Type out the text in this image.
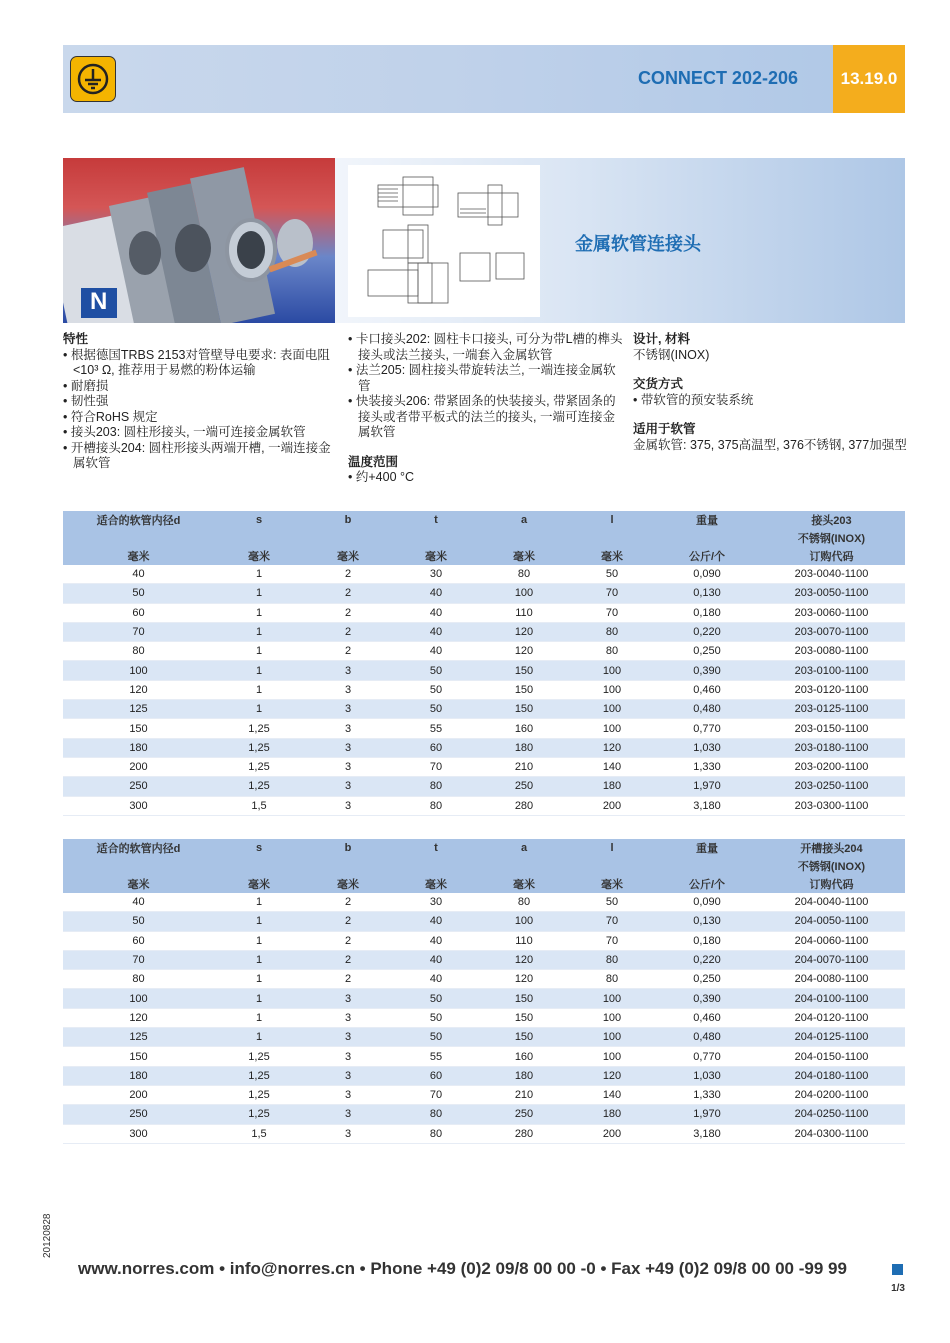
CONNECT 202-206	13.19.0
N
金属软管连接头
特性
• 根据德国TRBS 2153对管壁导电要求: 表面电阻<10³ Ω, 推荐用于易燃的粉体运输
• 耐磨损
• 韧性强
• 符合RoHS 规定
• 接头203: 圆柱形接头, 一端可连接金属软管
• 开槽接头204: 圆柱形接头两端开槽, 一端连接金属软管
• 卡口接头202: 圆柱卡口接头, 可分为带L槽的榫头接头或法兰接头, 一端套入金属软管
• 法兰205: 圆柱接头带旋转法兰, 一端连接金属软管
• 快装接头206: 带紧固条的快装接头, 带紧固条的接头或者带平板式的法兰的接头, 一端可连接金属软管
温度范围
• 约+400 °C
设计, 材料

不锈钢(INOX)

交货方式
• 带软管的预安装系统
适用于软管

金属软管: 375, 375高温型, 376不锈钢, 377加强型

适合的软管内径d	s	b	t	a	l	重量	接头203
							不锈钢(INOX)
毫米	毫米	毫米	毫米	毫米	毫米	公斤/个	订购代码
40	1	2	30	80	50	0,090	203-0040-1100
50	1	2	40	100	70	0,130	203-0050-1100
60	1	2	40	110	70	0,180	203-0060-1100
70	1	2	40	120	80	0,220	203-0070-1100
80	1	2	40	120	80	0,250	203-0080-1100
100	1	3	50	150	100	0,390	203-0100-1100
120	1	3	50	150	100	0,460	203-0120-1100
125	1	3	50	150	100	0,480	203-0125-1100
150	1,25	3	55	160	100	0,770	203-0150-1100
180	1,25	3	60	180	120	1,030	203-0180-1100
200	1,25	3	70	210	140	1,330	203-0200-1100
250	1,25	3	80	250	180	1,970	203-0250-1100
300	1,5	3	80	280	200	3,180	203-0300-1100
适合的软管内径d	s	b	t	a	l	重量	开槽接头204
							不锈钢(INOX)
毫米	毫米	毫米	毫米	毫米	毫米	公斤/个	订购代码
40	1	2	30	80	50	0,090	204-0040-1100
50	1	2	40	100	70	0,130	204-0050-1100
60	1	2	40	110	70	0,180	204-0060-1100
70	1	2	40	120	80	0,220	204-0070-1100
80	1	2	40	120	80	0,250	204-0080-1100
100	1	3	50	150	100	0,390	204-0100-1100
120	1	3	50	150	100	0,460	204-0120-1100
125	1	3	50	150	100	0,480	204-0125-1100
150	1,25	3	55	160	100	0,770	204-0150-1100
180	1,25	3	60	180	120	1,030	204-0180-1100
200	1,25	3	70	210	140	1,330	204-0200-1100
250	1,25	3	80	250	180	1,970	204-0250-1100
300	1,5	3	80	280	200	3,180	204-0300-1100
20120828
www.norres.com • info@norres.cn • Phone +49 (0)2 09/8 00 00 -0 • Fax +49 (0)2 09/8 00 00 -99 99
1/3
